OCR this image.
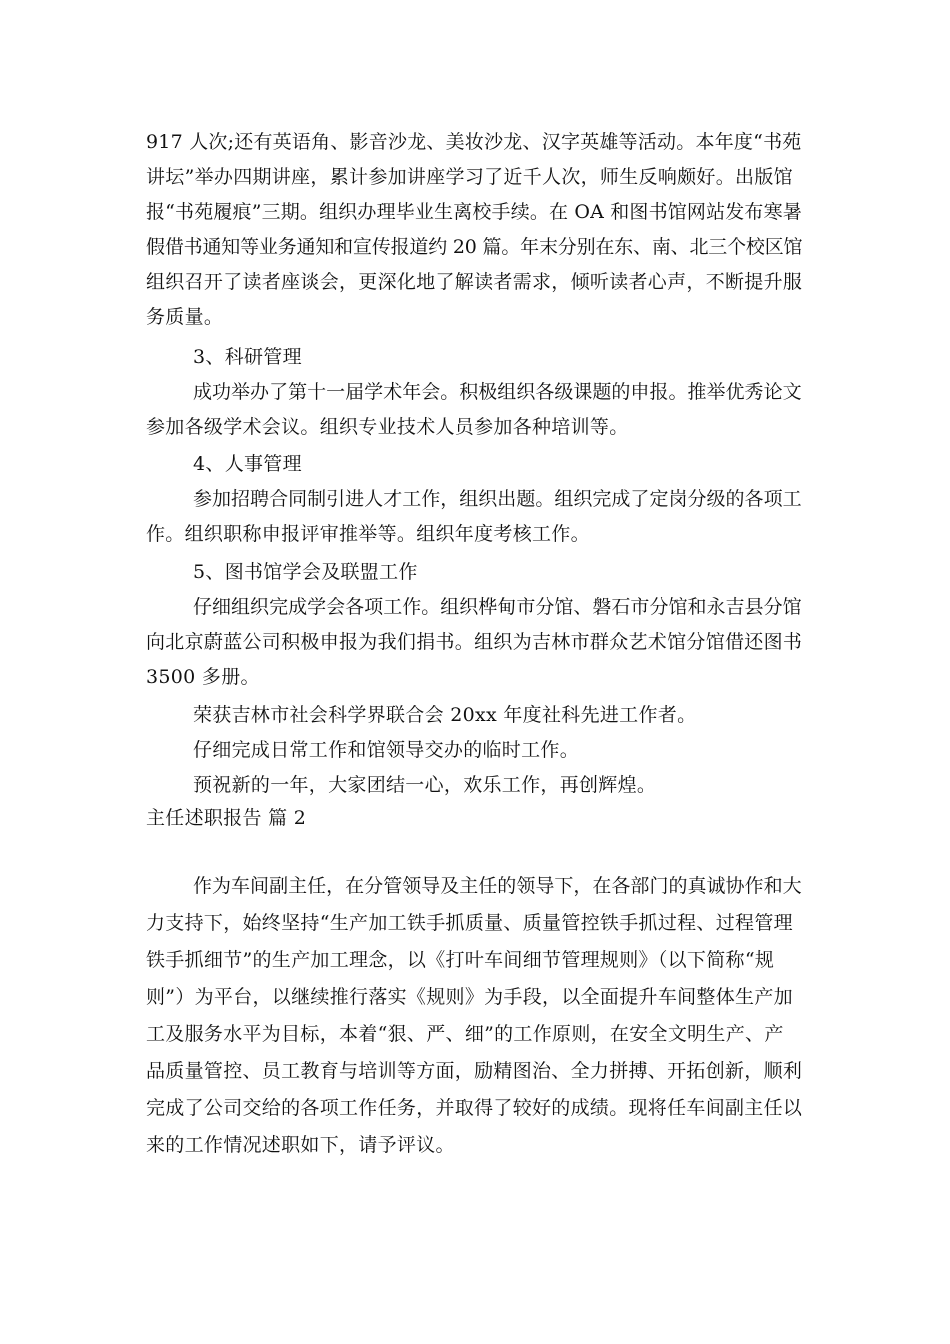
917 人次;还有英语角、影音沙龙、美妆沙龙、汉字英雄等活动。本年度“书苑
讲坛”举办四期讲座，累计参加讲座学习了近千人次，师生反响颇好。出版馆
报“书苑履痕”三期。组织办理毕业生离校手续。在 OA 和图书馆网站发布寒暑
假借书通知等业务通知和宣传报道约 20 篇。年末分别在东、南、北三个校区馆
组织召开了读者座谈会，更深化地了解读者需求，倾听读者心声，不断提升服
务质量。
3、科研管理
成功举办了第十一届学术年会。积极组织各级课题的申报。推举优秀论文
参加各级学术会议。组织专业技术人员参加各种培训等。
4、人事管理
参加招聘合同制引进人才工作，组织出题。组织完成了定岗分级的各项工
作。组织职称申报评审推举等。组织年度考核工作。
5、图书馆学会及联盟工作
仔细组织完成学会各项工作。组织桦甸市分馆、磐石市分馆和永吉县分馆
向北京蔚蓝公司积极申报为我们捐书。组织为吉林市群众艺术馆分馆借还图书
3500 多册。
荣获吉林市社会科学界联合会 20xx 年度社科先进工作者。
仔细完成日常工作和馆领导交办的临时工作。
预祝新的一年，大家团结一心，欢乐工作，再创辉煌。
主任述职报告 篇 2
作为车间副主任，在分管领导及主任的领导下，在各部门的真诚协作和大
力支持下，始终坚持“生产加工铁手抓质量、质量管控铁手抓过程、过程管理
铁手抓细节”的生产加工理念，以《打叶车间细节管理规则》（以下简称“规
则”）为平台，以继续推行落实《规则》为手段，以全面提升车间整体生产加
工及服务水平为目标，本着“狠、严、细”的工作原则，在安全文明生产、产
品质量管控、员工教育与培训等方面，励精图治、全力拼搏、开拓创新，顺利
完成了公司交给的各项工作任务，并取得了较好的成绩。现将任车间副主任以
来的工作情况述职如下，请予评议。
